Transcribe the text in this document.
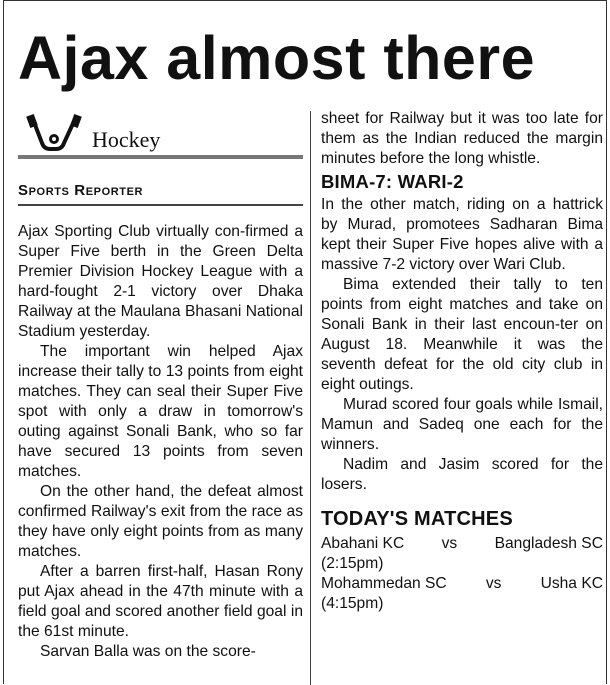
Ajax almost there
Hockey
Sports Reporter

Ajax Sporting Club virtually con-firmed a Super Five berth in the Green Delta Premier Division Hockey League with a hard-fought 2-1 victory over Dhaka Railway at the Maulana Bhasani National Stadium yesterday.

The important win helped Ajax increase their tally to 13 points from eight matches. They can seal their Super Five spot with only a draw in tomorrow's outing against Sonali Bank, who so far have secured 13 points from seven matches.

On the other hand, the defeat almost confirmed Railway's exit from the race as they have only eight points from as many matches.

After a barren first-half, Hasan Rony put Ajax ahead in the 47th minute with a field goal and scored another field goal in the 61st minute.

Sarvan Balla was on the score-

sheet for Railway but it was too late for them as the Indian reduced the margin minutes before the long whistle.

BIMA-7: WARI-2

In the other match, riding on a hattrick by Murad, promotees Sadharan Bima kept their Super Five hopes alive with a massive 7-2 victory over Wari Club.

Bima extended their tally to ten points from eight matches and take on Sonali Bank in their last encoun-ter on August 18. Meanwhile it was the seventh defeat for the old city club in eight outings.

Murad scored four goals while Ismail, Mamun and Sadeq one each for the winners.

Nadim and Jasim scored for the losers.

TODAY'S MATCHES
Abahani KC vs Bangladesh SC
(2:15pm)
Mohammedan SC	vs	Usha KC
(4:15pm)
